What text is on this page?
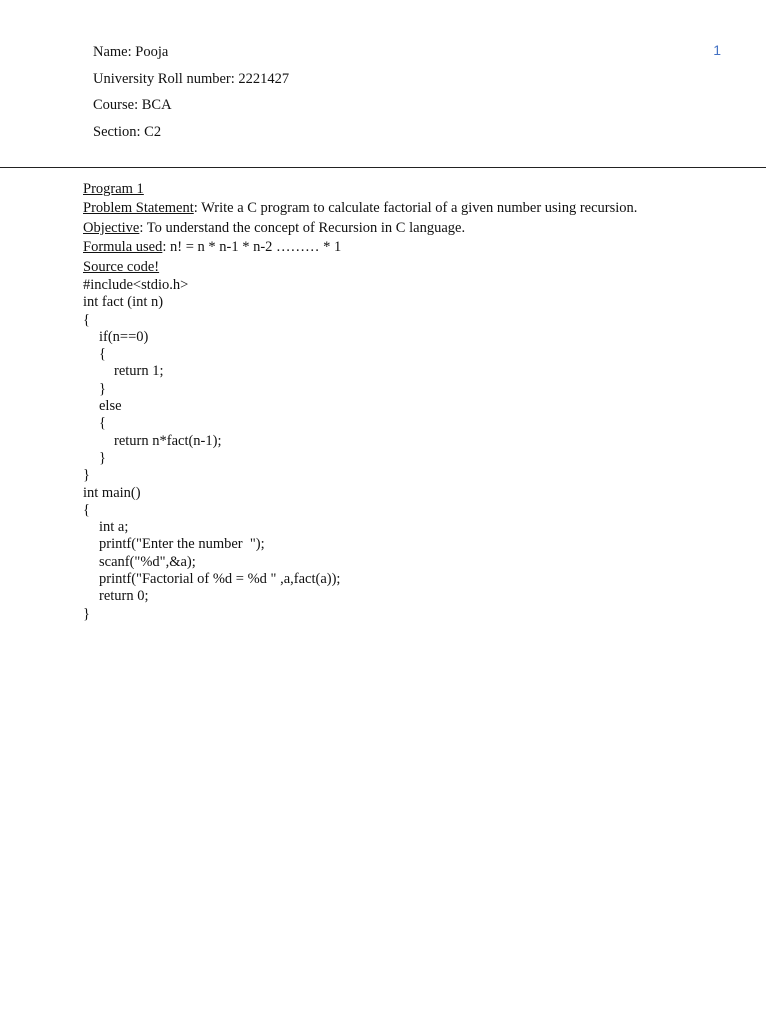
Name: Pooja
University Roll number: 2221427
Course: BCA
Section: C2
1
Program 1
Problem Statement: Write a C program to calculate factorial of a given number using recursion.
Objective: To understand the concept of Recursion in C language.
Formula used: n! = n * n-1 * n-2 ……… * 1
Source code!
#include<stdio.h>
int fact (int n)
{
if(n==0)
{
return 1;
}
else
{
return n*fact(n-1);
}
}
int main()
{
int a;
printf("Enter the number  ");
scanf("%d",&a);
printf("Factorial of %d = %d " ,a,fact(a));
return 0;
}
